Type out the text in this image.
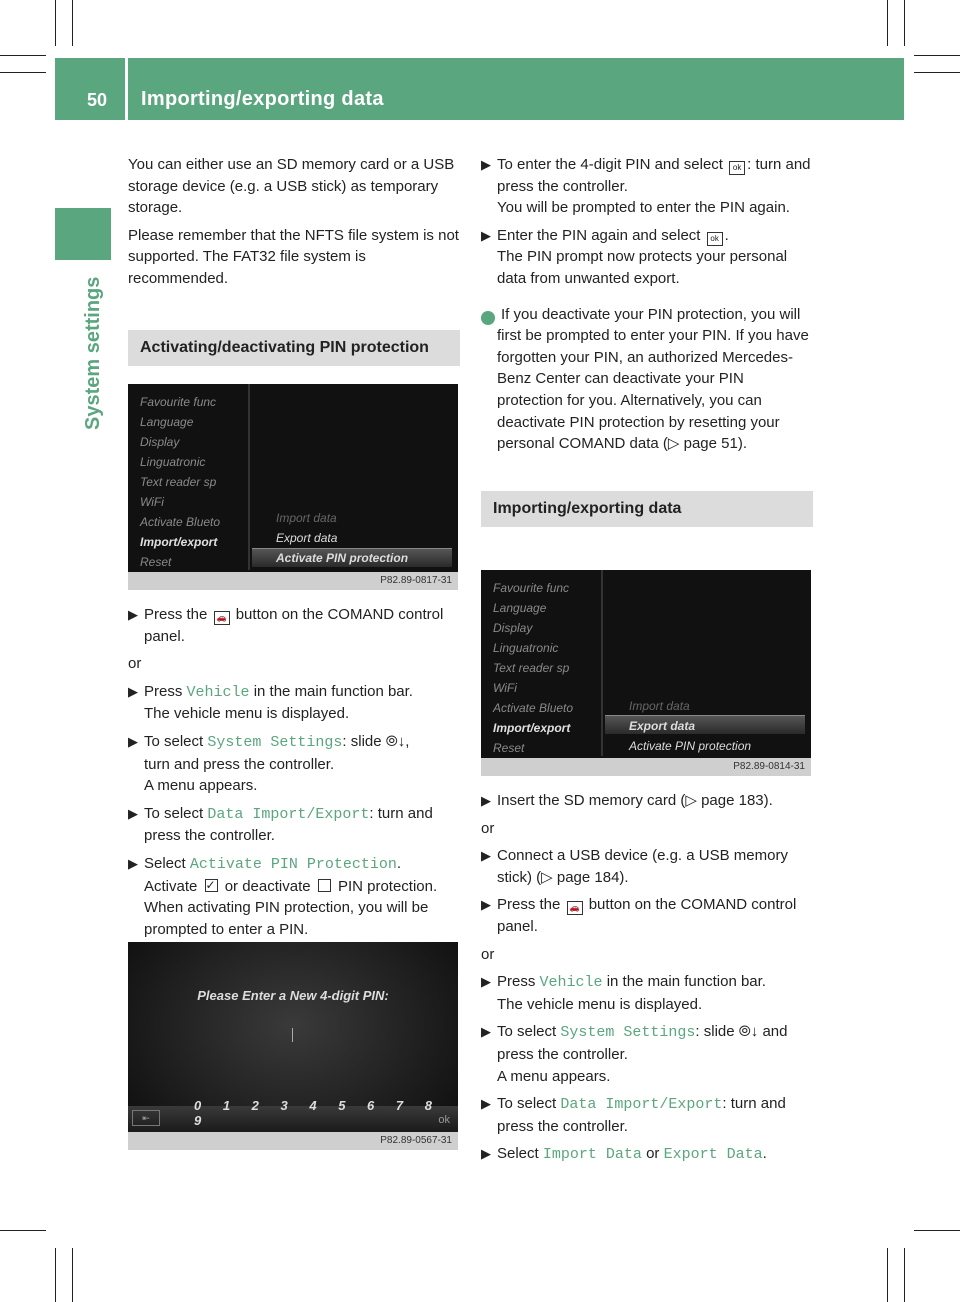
50 Importing/exporting data
System settings

You can either use an SD memory card or a USB storage device (e.g. a USB stick) as temporary storage.

Please remember that the NFTS file system is not supported. The FAT32 file system is recommended.

Activating/deactivating PIN protection
Favourite func
Language
Display
Linguatronic
Text reader sp
WiFi
Activate Blueto
Import/export
Reset
Import data
Export data
Activate PIN protection
P82.89-0817-31
▶ Press the 🚗 button on the COMAND control panel.

or

▶ Press Vehicle in the main function bar.
The vehicle menu is displayed.
▶ To select System Settings: slide ⦾↓,
turn and press the controller.
A menu appears.
▶ To select Data Import/Export: turn and press the controller.
▶ Select Activate PIN Protection.
Activate ✓ or deactivate PIN protection. When activating PIN protection, you will be prompted to enter a PIN.
Please Enter a New 4-digit PIN:
⇤
0 1 2 3 4 5 6 7 8 9	ok
P82.89-0567-31
▶ To enter the 4-digit PIN and select ok : turn and press the controller.
You will be prompted to enter the PIN again.
▶ Enter the PIN again and select ok .
The PIN prompt now protects your personal data from unwanted export.

i If you deactivate your PIN protection, you will first be prompted to enter your PIN. If you have forgotten your PIN, an authorized Mercedes-Benz Center can deactivate your PIN protection for you. Alternatively, you can deactivate PIN protection by resetting your personal COMAND data (▷ page 51).

Importing/exporting data
Favourite func
Language
Display
Linguatronic
Text reader sp
WiFi
Activate Blueto
Import/export
Reset
Import data
Export data
Activate PIN protection
P82.89-0814-31
▶ Insert the SD memory card (▷ page 183).

or

▶ Connect a USB device (e.g. a USB memory stick) (▷ page 184).
▶ Press the 🚗 button on the COMAND control panel.

or

▶ Press Vehicle in the main function bar.
The vehicle menu is displayed.
▶ To select System Settings: slide ⦾↓ and press the controller.
A menu appears.
▶ To select Data Import/Export: turn and press the controller.
▶ Select Import Data or Export Data.
